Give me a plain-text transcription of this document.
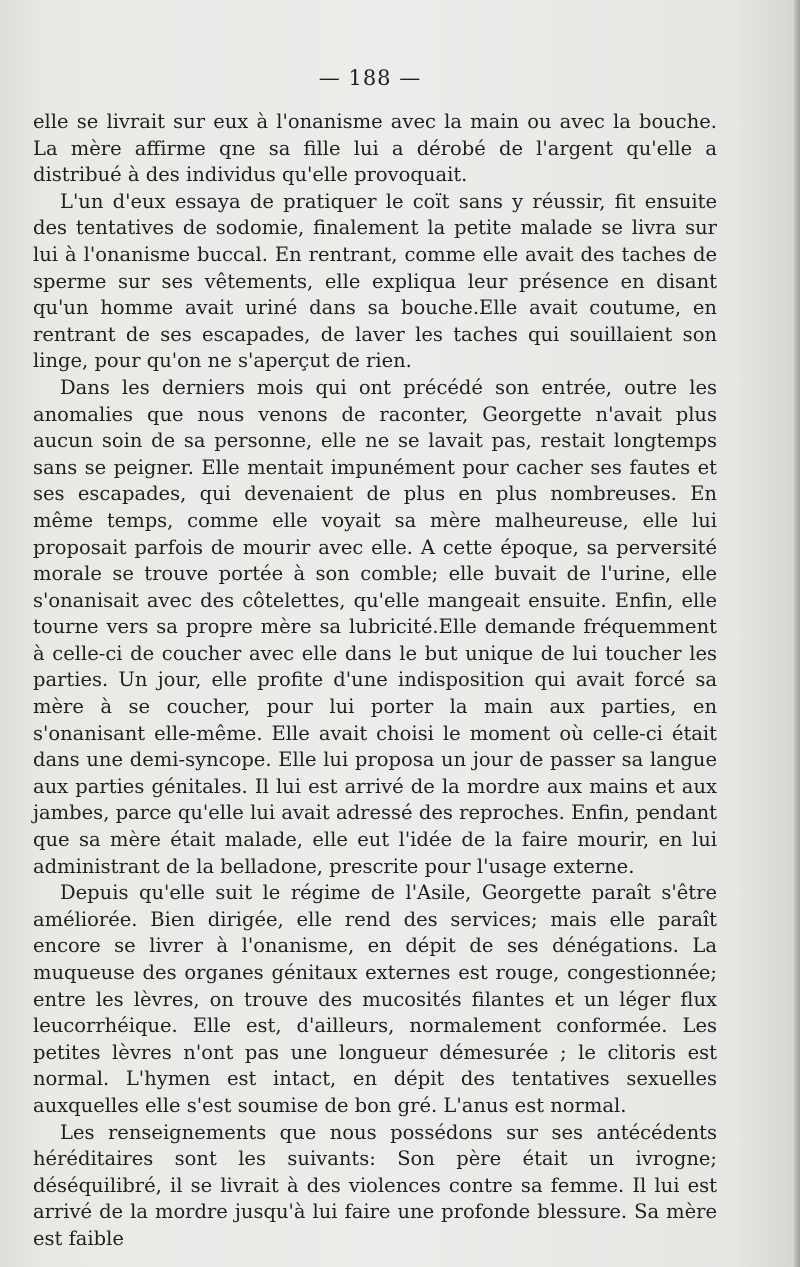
— 188 —

elle se livrait sur eux à l'onanisme avec la main ou avec la bouche. La mère affirme qne sa fille lui a dérobé de l'argent qu'elle a distribué à des individus qu'elle provoquait.

L'un d'eux essaya de pratiquer le coït sans y réussir, fit ensuite des tentatives de sodomie, finalement la petite malade se livra sur lui à l'onanisme buccal. En rentrant, comme elle avait des taches de sperme sur ses vêtements, elle expliqua leur présence en disant qu'un homme avait uriné dans sa bouche.Elle avait coutume, en rentrant de ses escapades, de laver les taches qui souillaient son linge, pour qu'on ne s'aperçut de rien.

Dans les derniers mois qui ont précédé son entrée, outre les anomalies que nous venons de raconter, Georgette n'avait plus aucun soin de sa personne, elle ne se lavait pas, restait longtemps sans se peigner. Elle mentait impunément pour cacher ses fautes et ses escapades, qui devenaient de plus en plus nombreuses. En même temps, comme elle voyait sa mère malheureuse, elle lui proposait parfois de mourir avec elle. A cette époque, sa perversité morale se trouve portée à son comble; elle buvait de l'urine, elle s'onanisait avec des côtelettes, qu'elle mangeait ensuite. Enfin, elle tourne vers sa propre mère sa lubricité.Elle demande fréquemment à celle-ci de coucher avec elle dans le but unique de lui toucher les parties. Un jour, elle profite d'une indisposition qui avait forcé sa mère à se coucher, pour lui porter la main aux parties, en s'onanisant elle-même. Elle avait choisi le moment où celle-ci était dans une demi-syncope. Elle lui proposa un jour de passer sa langue aux parties génitales. Il lui est arrivé de la mordre aux mains et aux jambes, parce qu'elle lui avait adressé des reproches. Enfin, pendant que sa mère était malade, elle eut l'idée de la faire mourir, en lui administrant de la belladone, prescrite pour l'usage externe.

Depuis qu'elle suit le régime de l'Asile, Georgette paraît s'être améliorée. Bien dirigée, elle rend des services; mais elle paraît encore se livrer à l'onanisme, en dépit de ses dénégations. La muqueuse des organes génitaux externes est rouge, congestionnée; entre les lèvres, on trouve des mucosités filantes et un léger flux leucorrhéique. Elle est, d'ailleurs, normalement conformée. Les petites lèvres n'ont pas une longueur démesurée ; le clitoris est normal. L'hymen est intact, en dépit des tentatives sexuelles auxquelles elle s'est soumise de bon gré. L'anus est normal.

Les renseignements que nous possédons sur ses antécédents héréditaires sont les suivants: Son père était un ivrogne; déséquilibré, il se livrait à des violences contre sa femme. Il lui est arrivé de la mordre jusqu'à lui faire une profonde blessure. Sa mère est faible
